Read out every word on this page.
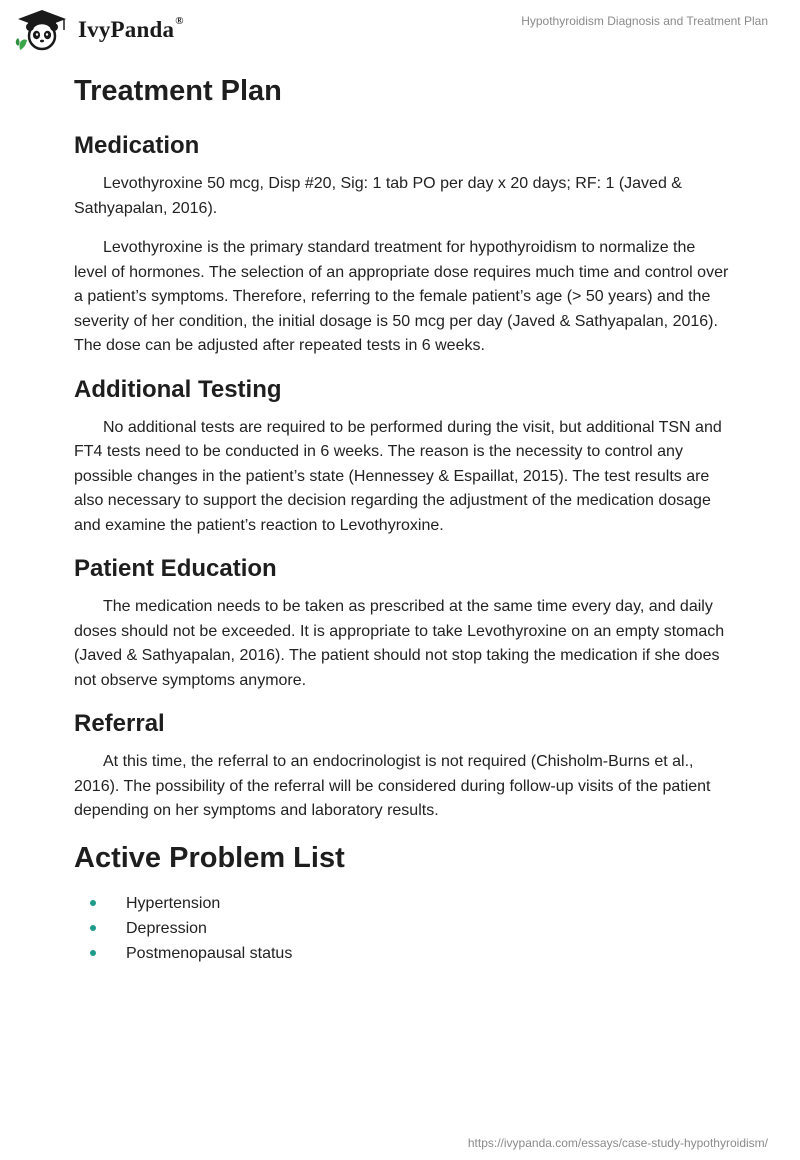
IvyPanda®	Hypothyroidism Diagnosis and Treatment Plan
Treatment Plan
Medication

Levothyroxine 50 mcg, Disp #20, Sig: 1 tab PO per day x 20 days; RF: 1 (Javed & Sathyapalan, 2016).

Levothyroxine is the primary standard treatment for hypothyroidism to normalize the level of hormones. The selection of an appropriate dose requires much time and control over a patient’s symptoms. Therefore, referring to the female patient’s age (> 50 years) and the severity of her condition, the initial dosage is 50 mcg per day (Javed & Sathyapalan, 2016). The dose can be adjusted after repeated tests in 6 weeks.

Additional Testing

No additional tests are required to be performed during the visit, but additional TSN and FT4 tests need to be conducted in 6 weeks. The reason is the necessity to control any possible changes in the patient’s state (Hennessey & Espaillat, 2015). The test results are also necessary to support the decision regarding the adjustment of the medication dosage and examine the patient’s reaction to Levothyroxine.

Patient Education

The medication needs to be taken as prescribed at the same time every day, and daily doses should not be exceeded. It is appropriate to take Levothyroxine on an empty stomach (Javed & Sathyapalan, 2016). The patient should not stop taking the medication if she does not observe symptoms anymore.

Referral

At this time, the referral to an endocrinologist is not required (Chisholm-Burns et al., 2016). The possibility of the referral will be considered during follow-up visits of the patient depending on her symptoms and laboratory results.

Active Problem List
Hypertension
Depression
Postmenopausal status
https://ivypanda.com/essays/case-study-hypothyroidism/
